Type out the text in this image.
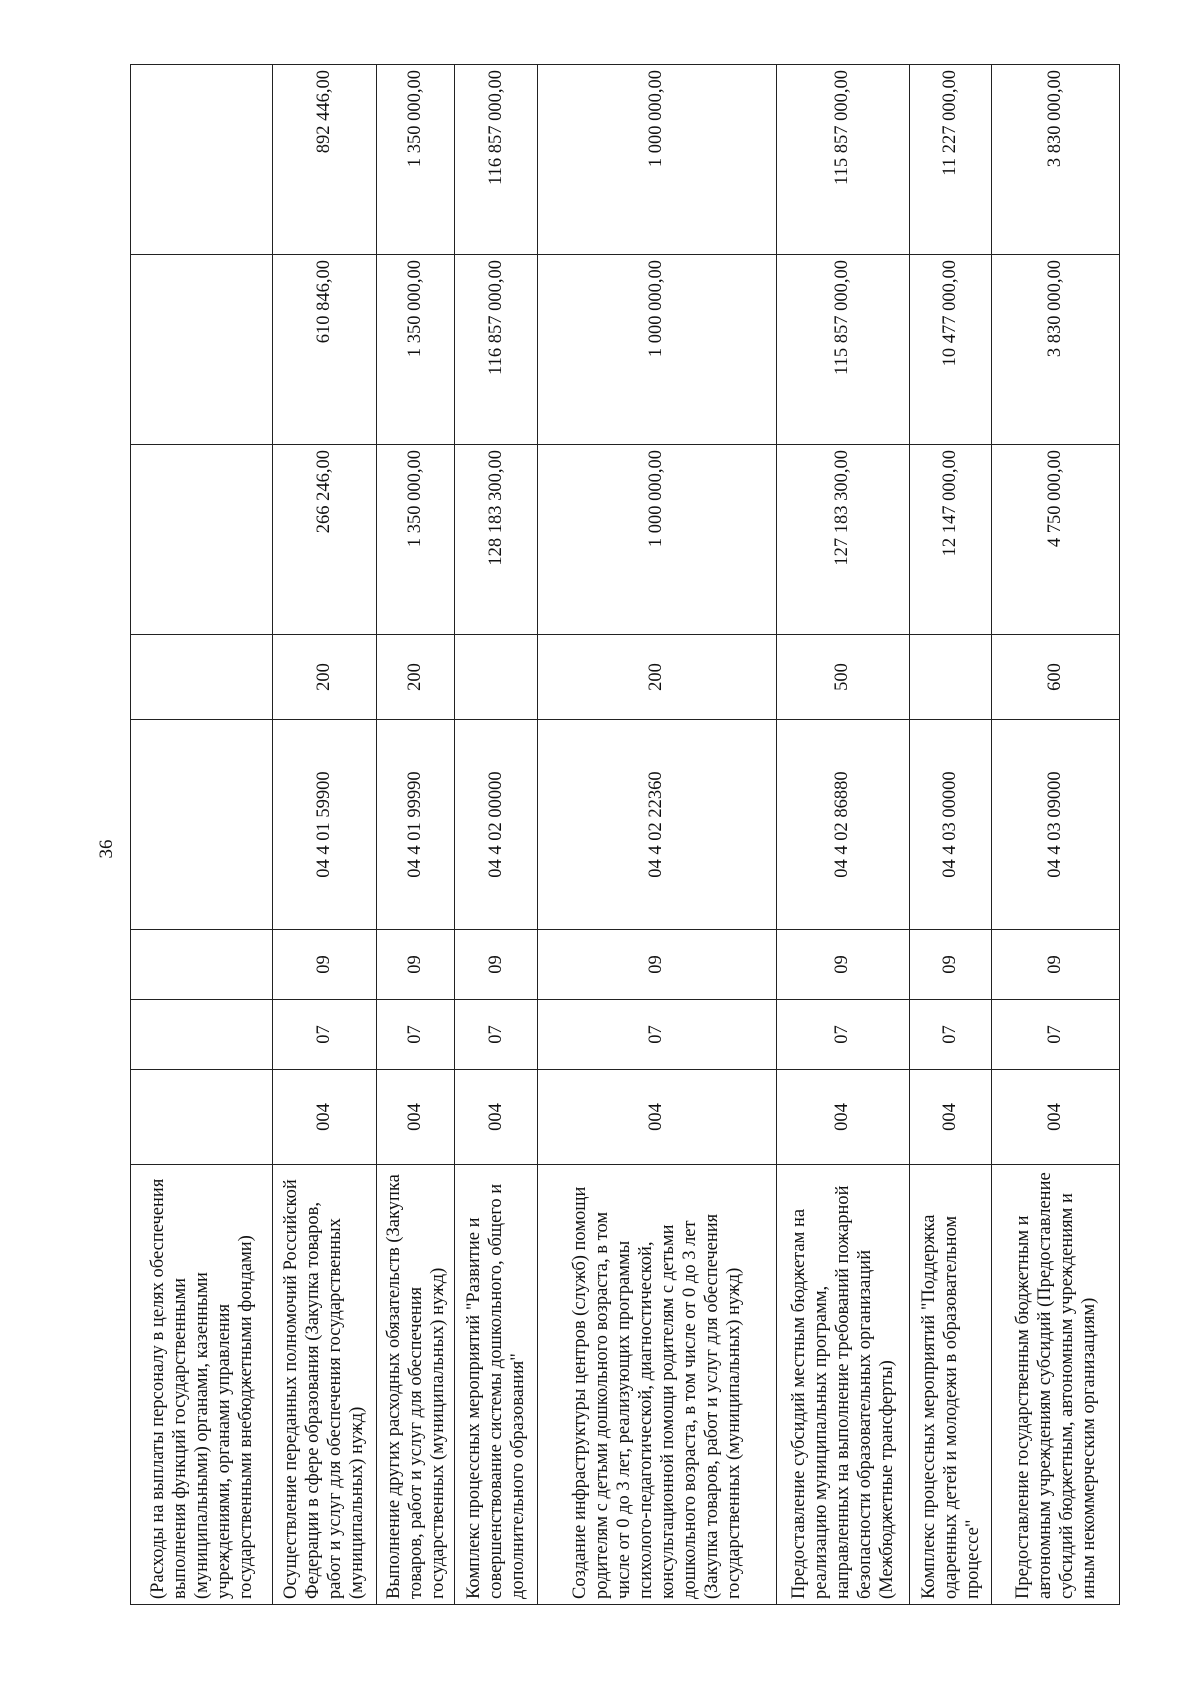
36
(Расходы на выплаты персоналу в целях обеспечения выполнения функций государственными (муниципальными) органами, казенными учреждениями, органами управления государственными внебюджетными фондами)								
Осуществление переданных полномочий Российской Федерации в сфере образования (Закупка товаров, работ и услуг для обеспечения государственных (муниципальных) нужд)	004	07	09	04 4 01 59900	200	266 246,00	610 846,00	892 446,00
Выполнение других расходных обязательств (Закупка товаров, работ и услуг для обеспечения государственных (муниципальных) нужд)	004	07	09	04 4 01 99990	200	1 350 000,00	1 350 000,00	1 350 000,00
Комплекс процессных мероприятий "Развитие и совершенствование системы дошкольного, общего и дополнительного образования"	004	07	09	04 4 02 00000		128 183 300,00	116 857 000,00	116 857 000,00
Создание инфраструктуры центров (служб) помощи родителям с детьми дошкольного возраста, в том числе от 0 до 3 лет, реализующих программы психолого-педагогической, диагностической, консультационной помощи родителям с детьми дошкольного возраста, в том числе от 0 до 3 лет (Закупка товаров, работ и услуг для обеспечения государственных (муниципальных) нужд)	004	07	09	04 4 02 22360	200	1 000 000,00	1 000 000,00	1 000 000,00
Предоставление субсидий местным бюджетам на реализацию муниципальных программ, направленных на выполнение требований пожарной безопасности образовательных организаций (Межбюджетные трансферты)	004	07	09	04 4 02 86880	500	127 183 300,00	115 857 000,00	115 857 000,00
Комплекс процессных мероприятий "Поддержка одаренных детей и молодежи в образовательном процессе"	004	07	09	04 4 03 00000		12 147 000,00	10 477 000,00	11 227 000,00
Предоставление государственным бюджетным и автономным учреждениям субсидий (Предоставление субсидий бюджетным, автономным учреждениям и иным некоммерческим организациям)	004	07	09	04 4 03 09000	600	4 750 000,00	3 830 000,00	3 830 000,00
